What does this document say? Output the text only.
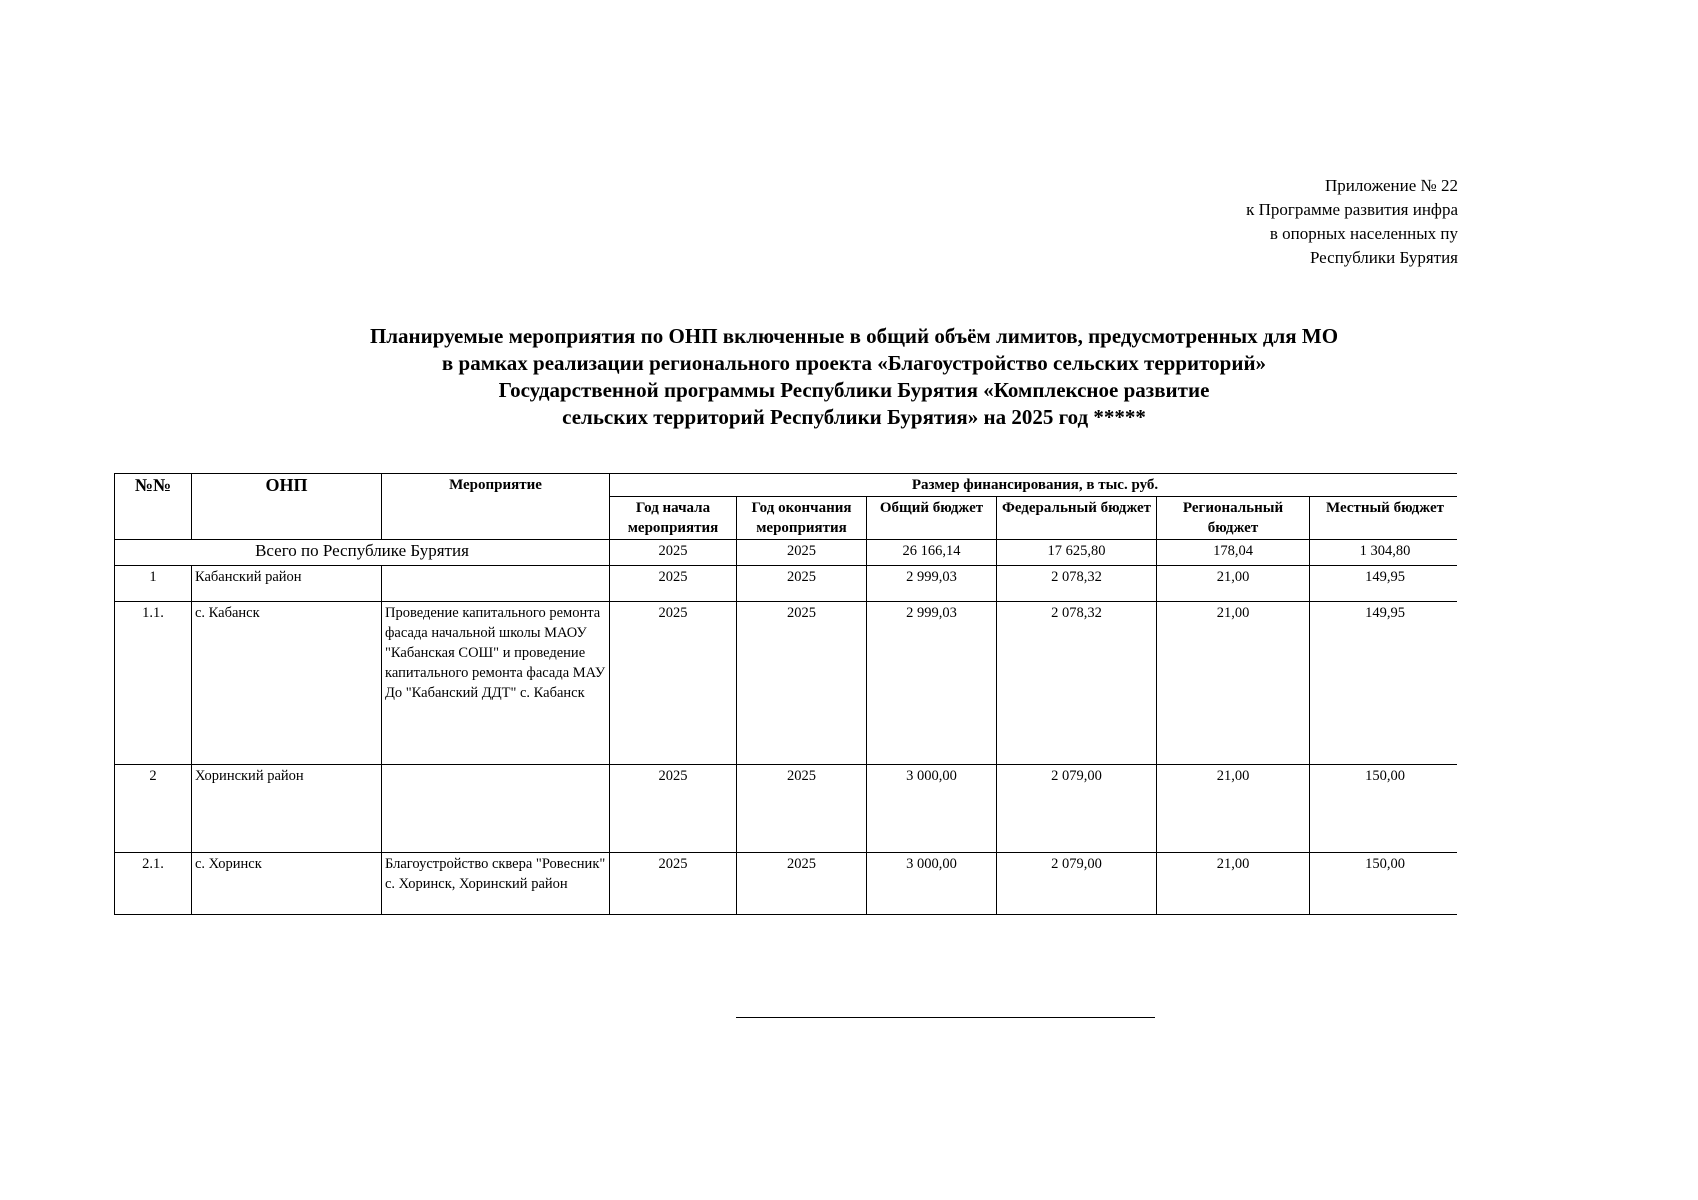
Приложение № 22
к Программе развития инфра
в опорных населенных пу
Республики Бурятия
Планируемые мероприятия по ОНП включенные в общий объём лимитов, предусмотренных для МО
в рамках реализации регионального проекта «Благоустройство сельских территорий»
Государственной программы Республики Бурятия «Комплексное развитие
сельских территорий Республики Бурятия» на 2025 год *****
№№	ОНП	Мероприятие	Размер финансирования, в тыс. руб.					
			Год начала мероприятия	Год окончания мероприятия	Общий бюджет	Федеральный бюджет	Региональный бюджет	Местный бюджет
Всего по Республике Бурятия			2025	2025	26 166,14	17 625,80	178,04	1 304,80
1	Кабанский район		2025	2025	2 999,03	2 078,32	21,00	149,95
1.1.	с. Кабанск	Проведение капитального ремонта фасада начальной школы МАОУ "Кабанская СОШ" и проведение капитального ремонта фасада МАУ До "Кабанский ДДТ" с. Кабанск	2025	2025	2 999,03	2 078,32	21,00	149,95
2	Хоринский район		2025	2025	3 000,00	2 079,00	21,00	150,00
2.1.	с. Хоринск	Благоустройство сквера "Ровесник" с. Хоринск, Хоринский район	2025	2025	3 000,00	2 079,00	21,00	150,00
